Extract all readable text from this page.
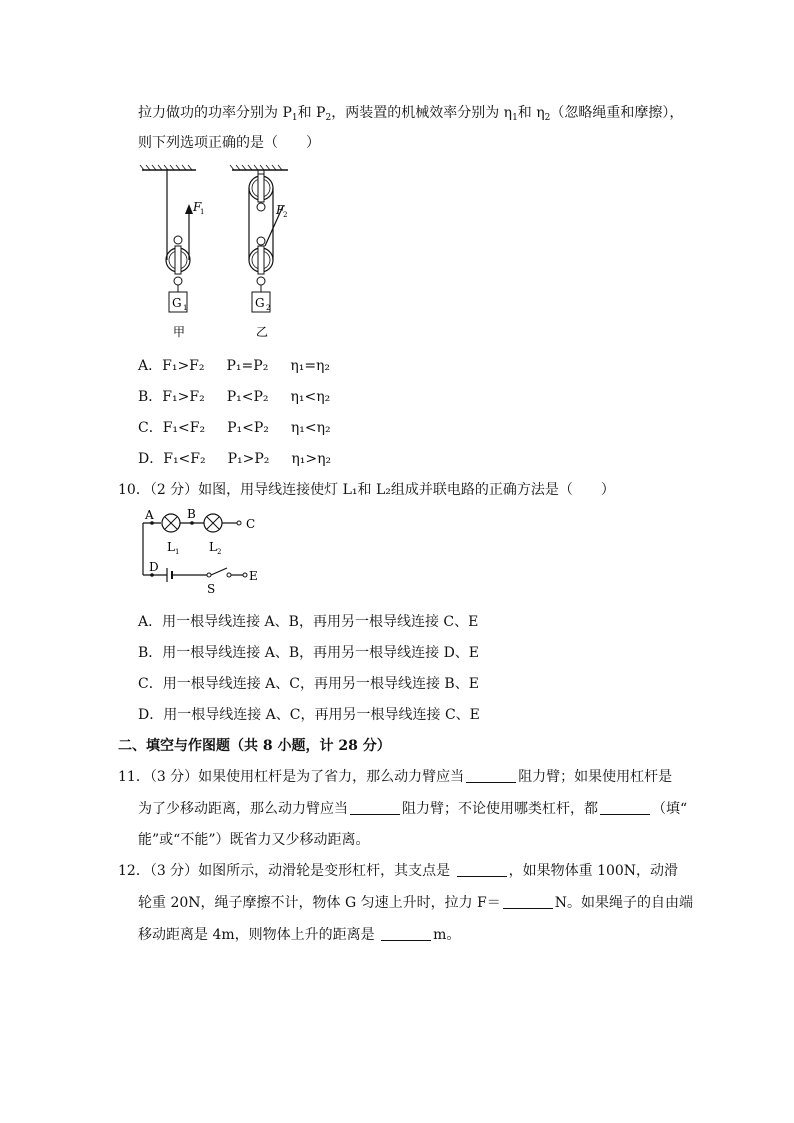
拉力做功的功率分别为 $P_1$和 $P_2$，两装置的机械效率分别为 $\eta_1$和 $\eta_2$（忽略绳重和摩擦），
则下列选项正确的是（　　）
G 1
F
1
甲
G 2
F
2
乙
A．F₁>F₂ P₁=P₂ η₁=η₂
B．F₁>F₂ P₁<P₂ η₁<η₂
C．F₁<F₂ P₁<P₂ η₁<η₂
D．F₁<F₂ P₁>P₂ η₁>η₂
10．（2 分）如图，用导线连接使灯 L₁和 L₂组成并联电路的正确方法是（　　）
A	B
C
D
E
S
L 1 L 2
A．用一根导线连接 A、B，再用另一根导线连接 C、E
B．用一根导线连接 A、B，再用另一根导线连接 D、E
C．用一根导线连接 A、C，再用另一根导线连接 B、E
D．用一根导线连接 A、C，再用另一根导线连接 C、E
二、填空与作图题（共 8 小题，计 28 分）
11．（3 分）如果使用杠杆是为了省力，那么动力臂应当	阻力臂；如果使用杠杆是
为了少移动距离，那么动力臂应当	阻力臂；不论使用哪类杠杆，都	（填“
能”或“不能”）既省力又少移动距离。
12．（3 分）如图所示，动滑轮是变形杠杆，其支点是	，如果物体重 100N，动滑
轮重 20N，绳子摩擦不计，物体 G 匀速上升时，拉力 F＝	N。如果绳子的自由端
移动距离是 4m，则物体上升的距离是	m。
